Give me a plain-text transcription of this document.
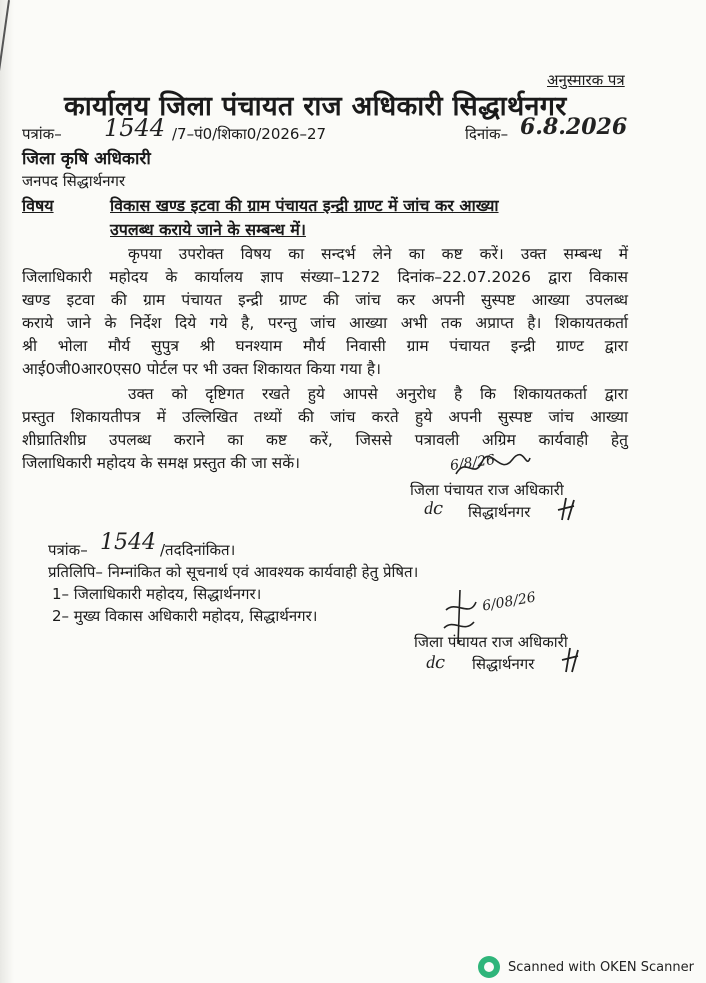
अनुस्मारक पत्र
कार्यालय जिला पंचायत राज अधिकारी सिद्धार्थनगर
पत्रांक– 1544 /7–पं0/शिका0/2026–27	दिनांक– 6.8.2026
जिला कृषि अधिकारी
जनपद सिद्धार्थनगर
विषय	विकास खण्ड इटवा की ग्राम पंचायत इन्द्री ग्राण्ट में जांच कर आख्या
उपलब्ध कराये जाने के सम्बन्ध में।
कृपया उपरोक्त विषय का सन्दर्भ लेने का कष्ट करें। उक्त सम्बन्ध में
जिलाधिकारी महोदय के कार्यालय ज्ञाप संख्या–1272 दिनांक–22.07.2026 द्वारा विकास
खण्ड इटवा की ग्राम पंचायत इन्द्री ग्राण्ट की जांच कर अपनी सुस्पष्ट आख्या उपलब्ध
कराये जाने के निर्देश दिये गये है, परन्तु जांच आख्या अभी तक अप्राप्त है। शिकायतकर्ता
श्री भोला मौर्य सुपुत्र श्री घनश्याम मौर्य निवासी ग्राम पंचायत इन्द्री ग्राण्ट द्वारा
आई0जी0आर0एस0 पोर्टल पर भी उक्त शिकायत किया गया है।
उक्त को दृष्टिगत रखते हुये आपसे अनुरोध है कि शिकायतकर्ता द्वारा
प्रस्तुत शिकायतीपत्र में उल्लिखित तथ्यों की जांच करते हुये अपनी सुस्पष्ट जांच आख्या
शीघ्रातिशीघ्र उपलब्ध कराने का कष्ट करें, जिससे पत्रावली अग्रिम कार्यवाही हेतु
जिलाधिकारी महोदय के समक्ष प्रस्तुत की जा सकें।	6/8/26
जिला पंचायत राज अधिकारी
ԁс सिद्धार्थनगर
पत्रांक– 1544 /तददिनांकित।
प्रतिलिपि– निम्नांकित को सूचनार्थ एवं आवश्यक कार्यवाही हेतु प्रेषित।
1– जिलाधिकारी महोदय, सिद्धार्थनगर।
2– मुख्य विकास अधिकारी महोदय, सिद्धार्थनगर।
6/08/26
जिला पंचायत राज अधिकारी
ԁс सिद्धार्थनगर
Scanned with OKEN Scanner
